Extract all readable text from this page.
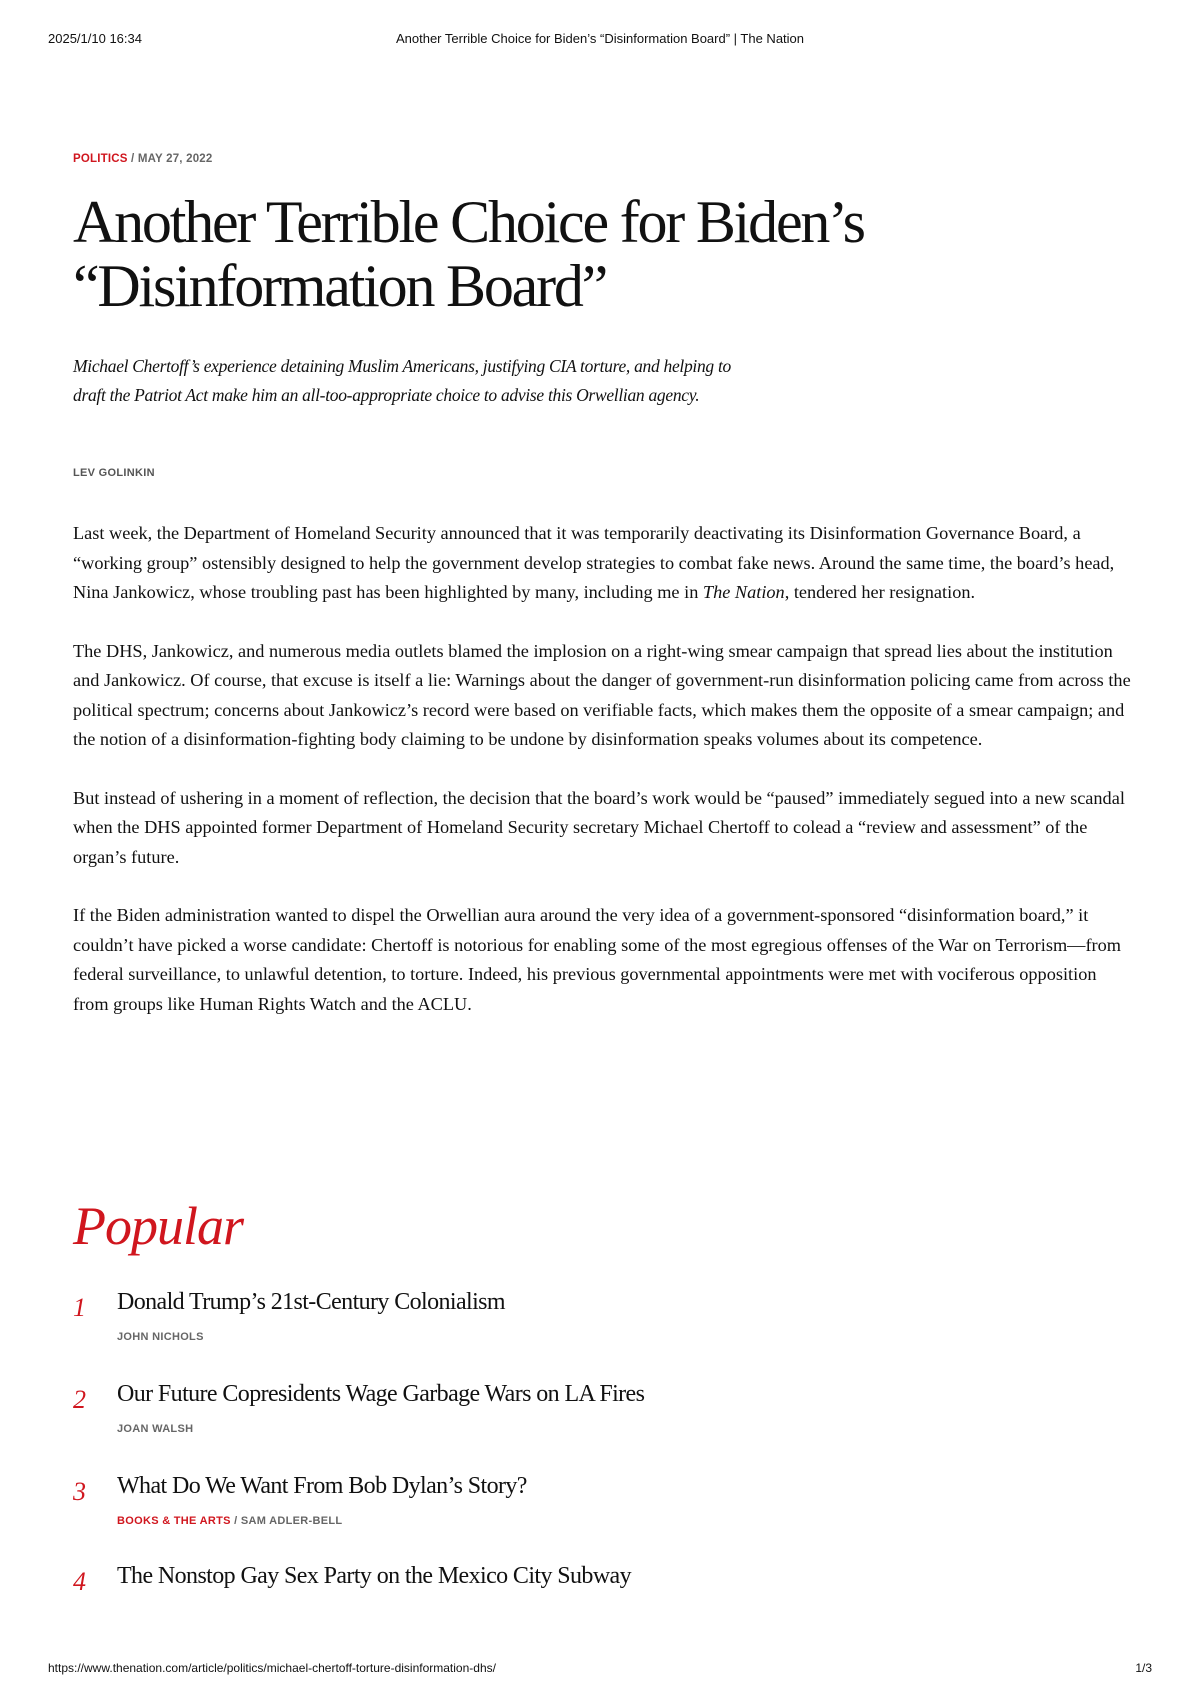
2025/1/10 16:34	Another Terrible Choice for Biden’s “Disinformation Board” | The Nation
POLITICS / MAY 27, 2022
Another Terrible Choice for Biden’s “Disinformation Board”

Michael Chertoff’s experience detaining Muslim Americans, justifying CIA torture, and helping to draft the Patriot Act make him an all-too-appropriate choice to advise this Orwellian agency.

LEV GOLINKIN

Last week, the Department of Homeland Security announced that it was temporarily deactivating its Disinformation Governance Board, a “working group” ostensibly designed to help the government develop strategies to combat fake news. Around the same time, the board’s head, Nina Jankowicz, whose troubling past has been highlighted by many, including me in The Nation, tendered her resignation.

The DHS, Jankowicz, and numerous media outlets blamed the implosion on a right-wing smear campaign that spread lies about the institution and Jankowicz. Of course, that excuse is itself a lie: Warnings about the danger of government-run disinformation policing came from across the political spectrum; concerns about Jankowicz’s record were based on verifiable facts, which makes them the opposite of a smear campaign; and the notion of a disinformation-fighting body claiming to be undone by disinformation speaks volumes about its competence.

But instead of ushering in a moment of reflection, the decision that the board’s work would be “paused” immediately segued into a new scandal when the DHS appointed former Department of Homeland Security secretary Michael Chertoff to colead a “review and assessment” of the organ’s future.

If the Biden administration wanted to dispel the Orwellian aura around the very idea of a government-sponsored “disinformation board,” it couldn’t have picked a worse candidate: Chertoff is notorious for enabling some of the most egregious offenses of the War on Terrorism—from federal surveillance, to unlawful detention, to torture. Indeed, his previous governmental appointments were met with vociferous opposition from groups like Human Rights Watch and the ACLU.

Popular
1 Donald Trump’s 21st-Century Colonialism
JOHN NICHOLS
2 Our Future Copresidents Wage Garbage Wars on LA Fires
JOAN WALSH
3 What Do We Want From Bob Dylan’s Story?
BOOKS & THE ARTS / SAM ADLER-BELL
4 The Nonstop Gay Sex Party on the Mexico City Subway
https://www.thenation.com/article/politics/michael-chertoff-torture-disinformation-dhs/	1/3
